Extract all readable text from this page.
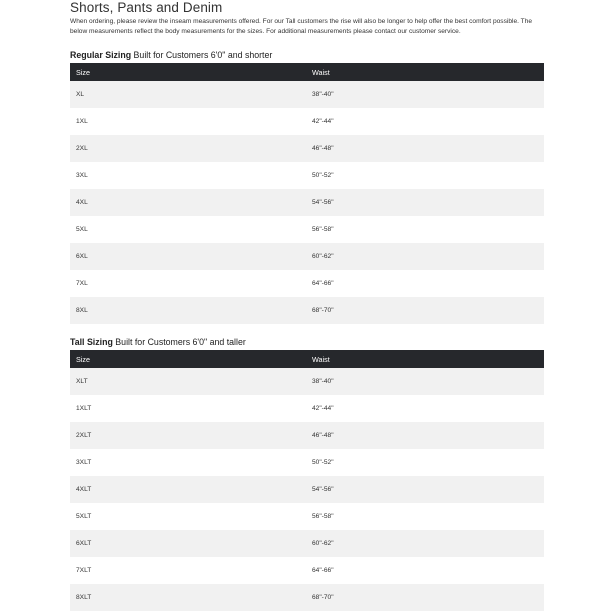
Shorts, Pants and Denim
When ordering, please review the inseam measurements offered. For our Tall customers the rise will also be longer to help offer the best comfort possible. The below measurements reflect the body measurements for the sizes. For additional measurements please contact our customer service.
Regular Sizing Built for Customers 6'0" and shorter
Size	Waist
XL	38"-40"
1XL	42"-44"
2XL	46"-48"
3XL	50"-52"
4XL	54"-56"
5XL	56"-58"
6XL	60"-62"
7XL	64"-66"
8XL	68"-70"
Tall Sizing Built for Customers 6'0" and taller
Size	Waist
XLT	38"-40"
1XLT	42"-44"
2XLT	46"-48"
3XLT	50"-52"
4XLT	54"-56"
5XLT	56"-58"
6XLT	60"-62"
7XLT	64"-66"
8XLT	68"-70"
